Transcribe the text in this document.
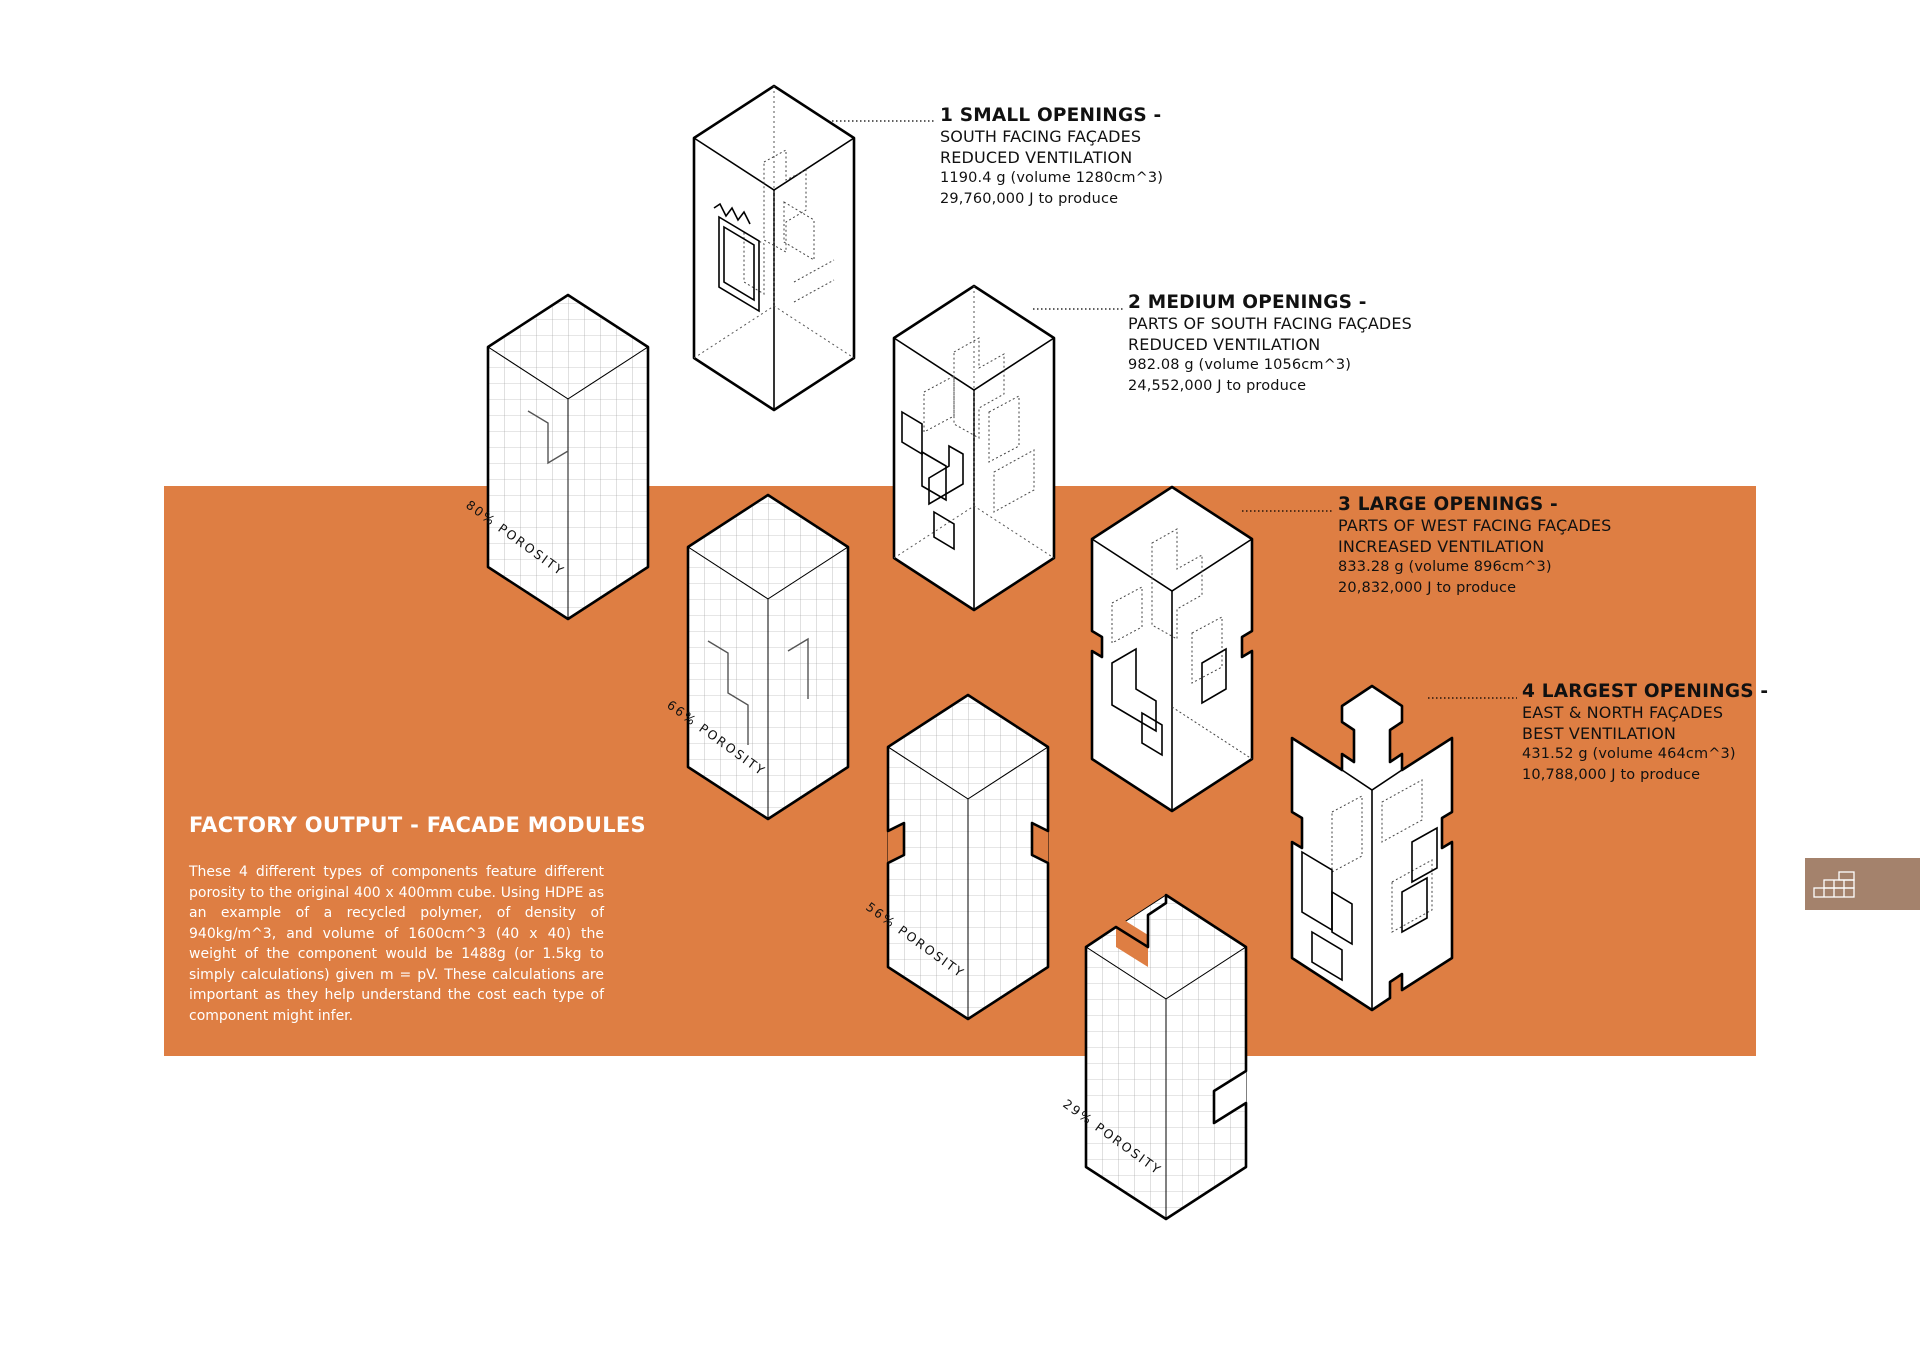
1 SMALL OPENINGS -
SOUTH FACING FAÇADES
REDUCED VENTILATION
1190.4 g (volume 1280cm^3)
29,760,000 J to produce
2 MEDIUM OPENINGS -
PARTS OF SOUTH FACING FAÇADES
REDUCED VENTILATION
982.08 g (volume 1056cm^3)
24,552,000 J to produce
3 LARGE OPENINGS -
PARTS OF WEST FACING FAÇADES
INCREASED VENTILATION
833.28 g (volume 896cm^3)
20,832,000 J to produce
4 LARGEST OPENINGS -
EAST & NORTH FAÇADES
BEST VENTILATION
431.52 g (volume 464cm^3)
10,788,000 J to produce
80% POROSITY
66% POROSITY
56% POROSITY
29% POROSITY
FACTORY OUTPUT - FACADE MODULES
These 4 different types of components feature different porosity to the original 400 x 400mm cube. Using HDPE as an example of a recycled polymer, of density of 940kg/m^3, and volume of 1600cm^3 (40 x 40) the weight of the component would be 1488g (or 1.5kg to simply calculations) given m = pV. These calculations are important as they help understand the cost each type of component might infer.
